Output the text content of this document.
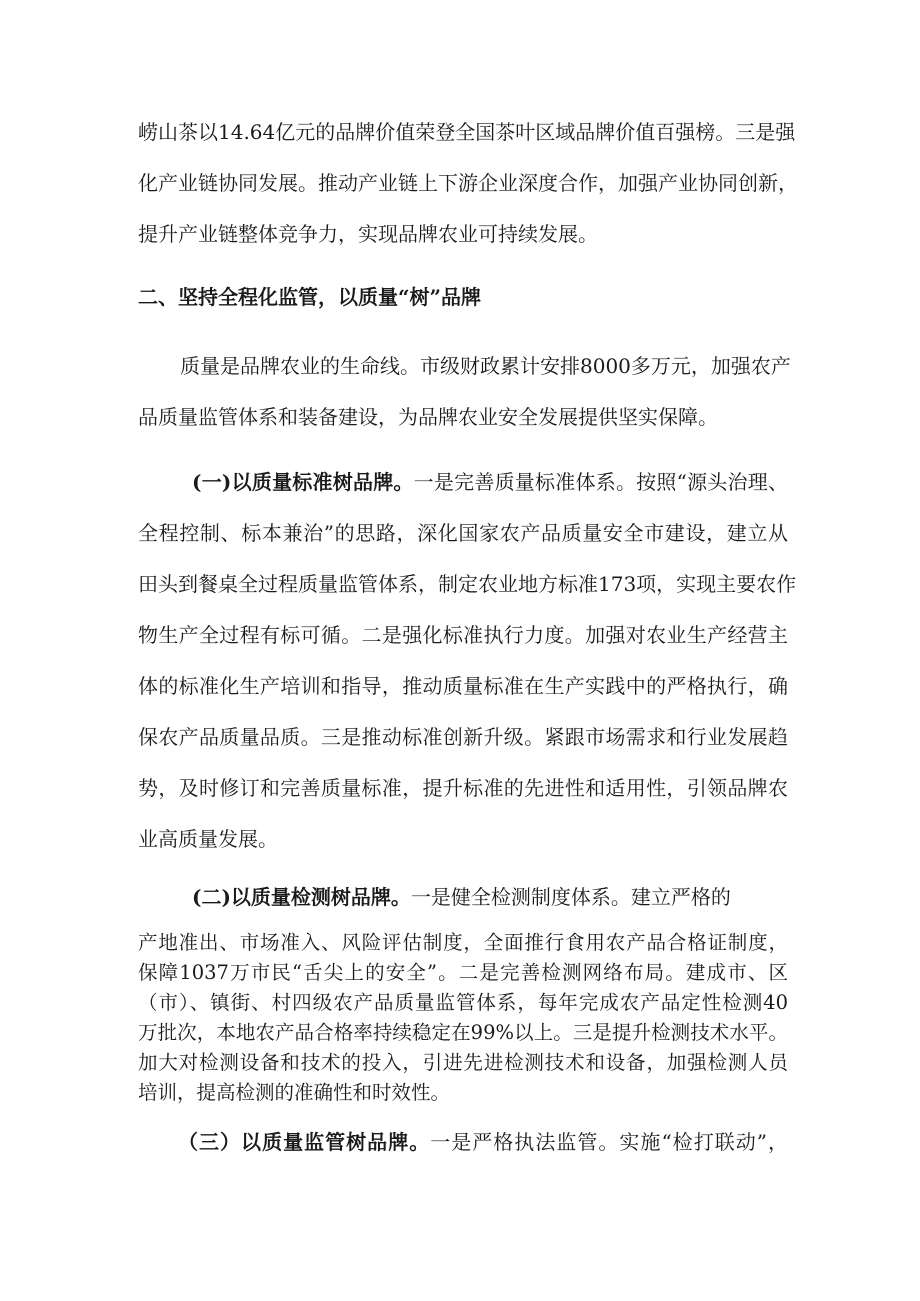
崂山茶以14.64亿元的品牌价值荣登全国茶叶区域品牌价值百强榜。三是强
化产业链协同发展。推动产业链上下游企业深度合作，加强产业协同创新，
提升产业链整体竞争力，实现品牌农业可持续发展。

二、坚持全程化监管，以质量“树”品牌

质量是品牌农业的生命线。市级财政累计安排8000多万元，加强农产
品质量监管体系和装备建设，为品牌农业安全发展提供坚实保障。

(一)以质量标准树品牌。一是完善质量标准体系。按照“源头治理、
全程控制、标本兼治”的思路，深化国家农产品质量安全市建设，建立从
田头到餐桌全过程质量监管体系，制定农业地方标准173项，实现主要农作
物生产全过程有标可循。二是强化标准执行力度。加强对农业生产经营主
体的标准化生产培训和指导，推动质量标准在生产实践中的严格执行，确
保农产品质量品质。三是推动标准创新升级。紧跟市场需求和行业发展趋
势，及时修订和完善质量标准，提升标准的先进性和适用性，引领品牌农
业高质量发展。

(二)以质量检测树品牌。一是健全检测制度体系。建立严格的

产地准出、市场准入、风险评估制度，全面推行食用农产品合格证制度，
保障1037万市民“舌尖上的安全”。二是完善检测网络布局。建成市、区
（市）、镇街、村四级农产品质量监管体系，每年完成农产品定性检测40
万批次，本地农产品合格率持续稳定在99%以上。三是提升检测技术水平。
加大对检测设备和技术的投入，引进先进检测技术和设备，加强检测人员
培训，提高检测的准确性和时效性。

（三）以质量监管树品牌。一是严格执法监管。实施“检打联动”，
